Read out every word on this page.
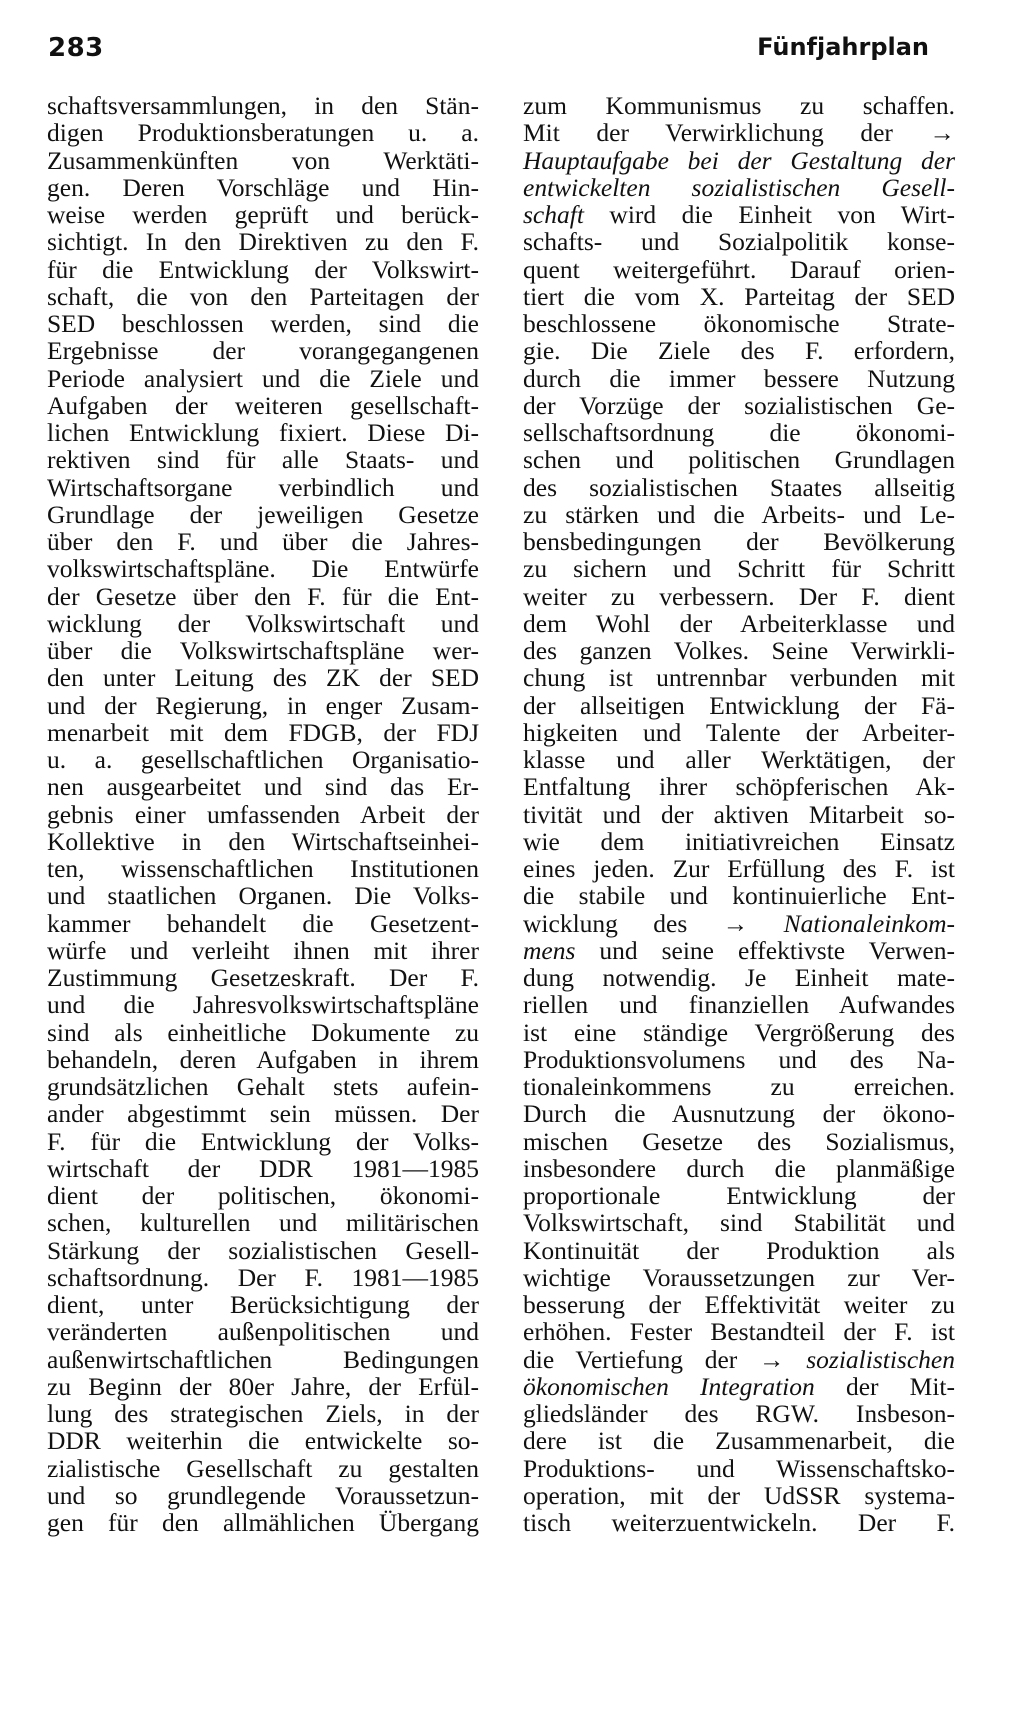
283	Fünfjahrplan
schaftsversammlungen, in den Stän-
digen Produktionsberatungen u. a.
Zusammenkünften von Werktäti-
gen. Deren Vorschläge und Hin-
weise werden geprüft und berück-
sichtigt. In den Direktiven zu den F.
für die Entwicklung der Volkswirt-
schaft, die von den Parteitagen der
SED beschlossen werden, sind die
Ergebnisse der vorangegangenen
Periode analysiert und die Ziele und
Aufgaben der weiteren gesellschaft-
lichen Entwicklung fixiert. Diese Di-
rektiven sind für alle Staats- und
Wirtschaftsorgane verbindlich und
Grundlage der jeweiligen Gesetze
über den F. und über die Jahres-
volkswirtschaftspläne. Die Entwürfe
der Gesetze über den F. für die Ent-
wicklung der Volkswirtschaft und
über die Volkswirtschaftspläne wer-
den unter Leitung des ZK der SED
und der Regierung, in enger Zusam-
menarbeit mit dem FDGB, der FDJ
u. a. gesellschaftlichen Organisatio-
nen ausgearbeitet und sind das Er-
gebnis einer umfassenden Arbeit der
Kollektive in den Wirtschaftseinhei-
ten, wissenschaftlichen Institutionen
und staatlichen Organen. Die Volks-
kammer behandelt die Gesetzent-
würfe und verleiht ihnen mit ihrer
Zustimmung Gesetzeskraft. Der F.
und die Jahresvolkswirtschaftspläne
sind als einheitliche Dokumente zu
behandeln, deren Aufgaben in ihrem
grundsätzlichen Gehalt stets aufein-
ander abgestimmt sein müssen. Der
F. für die Entwicklung der Volks-
wirtschaft der DDR 1981—1985
dient der politischen, ökonomi-
schen, kulturellen und militärischen
Stärkung der sozialistischen Gesell-
schaftsordnung. Der F. 1981—1985
dient, unter Berücksichtigung der
veränderten außenpolitischen und
außenwirtschaftlichen Bedingungen
zu Beginn der 80er Jahre, der Erfül-
lung des strategischen Ziels, in der
DDR weiterhin die entwickelte so-
zialistische Gesellschaft zu gestalten
und so grundlegende Voraussetzun-
gen für den allmählichen Übergang
zum Kommunismus zu schaffen.
Mit der Verwirklichung der →
Hauptaufgabe bei der Gestaltung der
entwickelten sozialistischen Gesell-
schaft wird die Einheit von Wirt-
schafts- und Sozialpolitik konse-
quent weitergeführt. Darauf orien-
tiert die vom X. Parteitag der SED
beschlossene ökonomische Strate-
gie. Die Ziele des F. erfordern,
durch die immer bessere Nutzung
der Vorzüge der sozialistischen Ge-
sellschaftsordnung die ökonomi-
schen und politischen Grundlagen
des sozialistischen Staates allseitig
zu stärken und die Arbeits- und Le-
bensbedingungen der Bevölkerung
zu sichern und Schritt für Schritt
weiter zu verbessern. Der F. dient
dem Wohl der Arbeiterklasse und
des ganzen Volkes. Seine Verwirkli-
chung ist untrennbar verbunden mit
der allseitigen Entwicklung der Fä-
higkeiten und Talente der Arbeiter-
klasse und aller Werktätigen, der
Entfaltung ihrer schöpferischen Ak-
tivität und der aktiven Mitarbeit so-
wie dem initiativreichen Einsatz
eines jeden. Zur Erfüllung des F. ist
die stabile und kontinuierliche Ent-
wicklung des → Nationaleinkom-
mens und seine effektivste Verwen-
dung notwendig. Je Einheit mate-
riellen und finanziellen Aufwandes
ist eine ständige Vergrößerung des
Produktionsvolumens und des Na-
tionaleinkommens zu erreichen.
Durch die Ausnutzung der ökono-
mischen Gesetze des Sozialismus,
insbesondere durch die planmäßige
proportionale Entwicklung der
Volkswirtschaft, sind Stabilität und
Kontinuität der Produktion als
wichtige Voraussetzungen zur Ver-
besserung der Effektivität weiter zu
erhöhen. Fester Bestandteil der F. ist
die Vertiefung der → sozialistischen
ökonomischen Integration der Mit-
gliedsländer des RGW. Insbeson-
dere ist die Zusammenarbeit, die
Produktions- und Wissenschaftsko-
operation, mit der UdSSR systema-
tisch weiterzuentwickeln. Der F.
